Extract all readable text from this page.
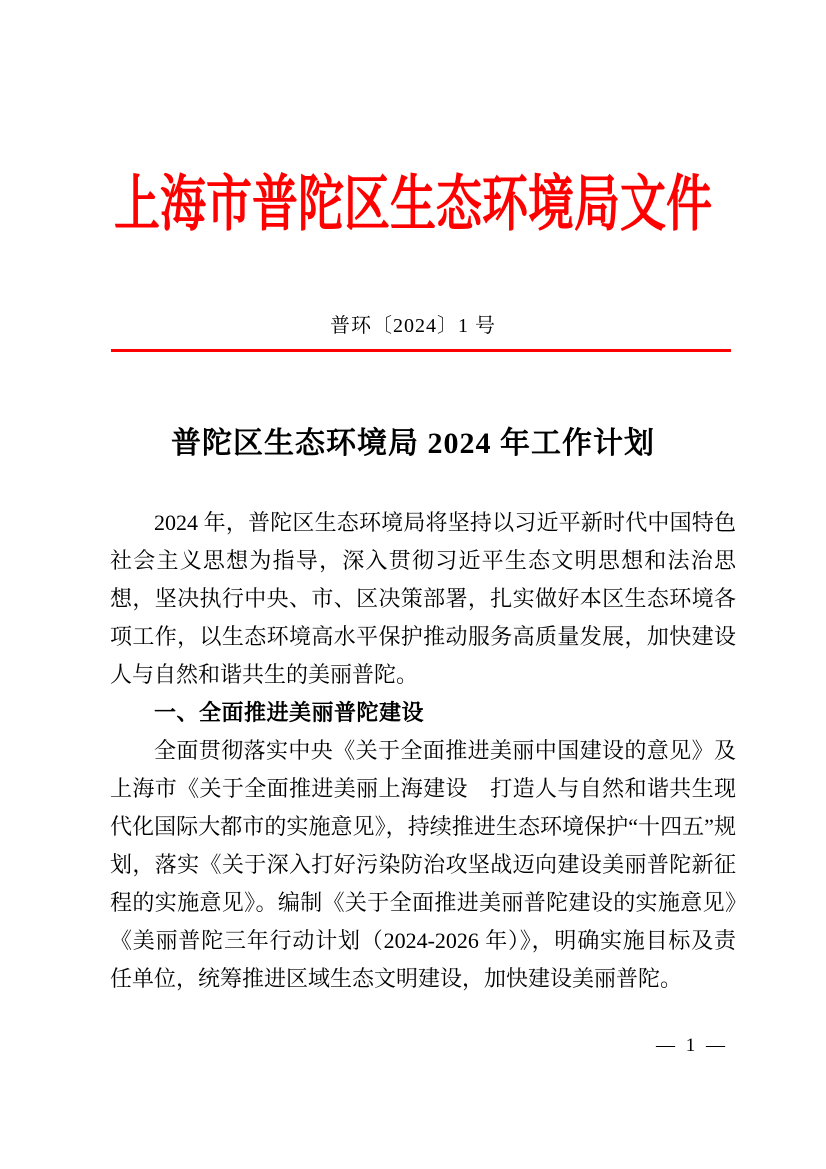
上海市普陀区生态环境局文件
普环〔2024〕1 号
普陀区生态环境局 2024 年工作计划

2024 年，普陀区生态环境局将坚持以习近平新时代中国特色社会主义思想为指导，深入贯彻习近平生态文明思想和法治思想，坚决执行中央、市、区决策部署，扎实做好本区生态环境各项工作，以生态环境高水平保护推动服务高质量发展，加快建设人与自然和谐共生的美丽普陀。

一、全面推进美丽普陀建设

全面贯彻落实中央《关于全面推进美丽中国建设的意见》及上海市《关于全面推进美丽上海建设　打造人与自然和谐共生现代化国际大都市的实施意见》，持续推进生态环境保护“十四五”规划，落实《关于深入打好污染防治攻坚战迈向建设美丽普陀新征程的实施意见》。编制《关于全面推进美丽普陀建设的实施意见》《美丽普陀三年行动计划（2024-2026 年）》，明确实施目标及责任单位，统筹推进区域生态文明建设，加快建设美丽普陀。

— 1 —
